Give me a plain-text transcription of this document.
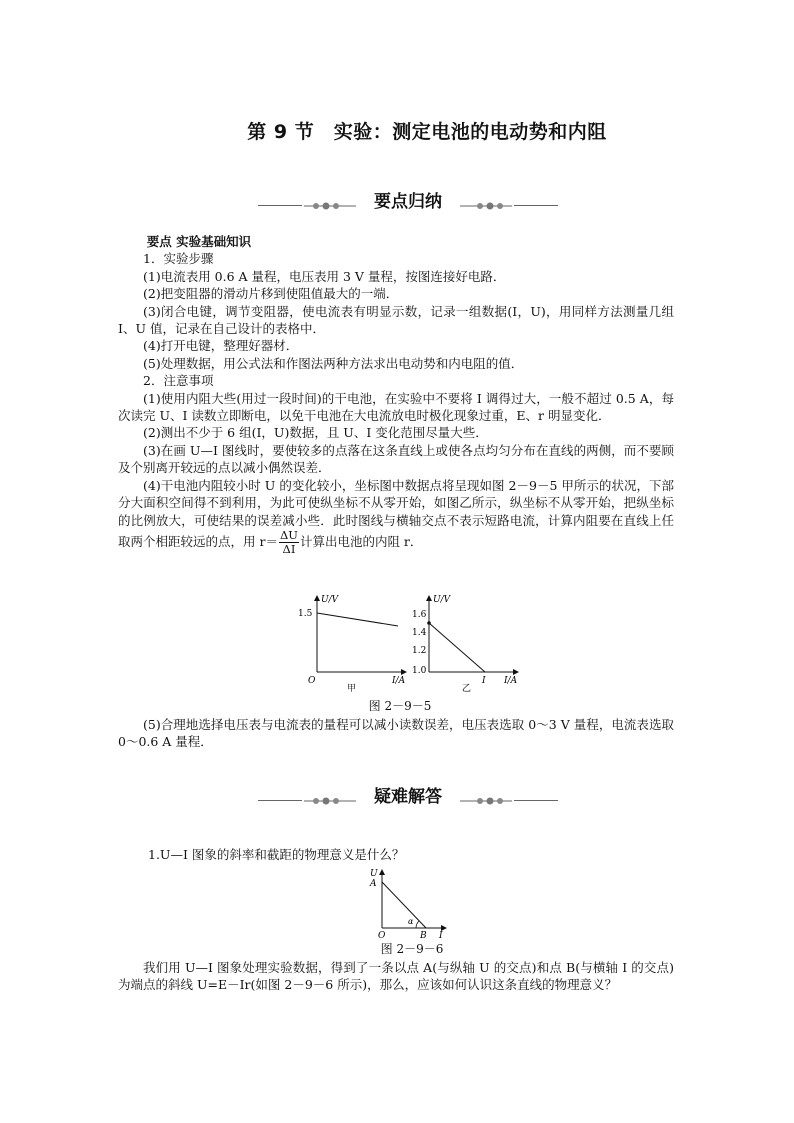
第 9 节　实验：测定电池的电动势和内阻
要点归纳

要点 实验基础知识

1．实验步骤

(1)电流表用 0.6 A 量程，电压表用 3 V 量程，按图连接好电路．

(2)把变阻器的滑动片移到使阻值最大的一端．

(3)闭合电键，调节变阻器，使电流表有明显示数，记录一组数据(I，U)，用同样方法测量几组 I、U 值，记录在自己设计的表格中．

(4)打开电键，整理好器材．

(5)处理数据，用公式法和作图法两种方法求出电动势和内电阻的值．

2．注意事项

(1)使用内阻大些(用过一段时间)的干电池，在实验中不要将 I 调得过大，一般不超过 0.5 A，每次读完 U、I 读数立即断电，以免干电池在大电流放电时极化现象过重，E、r 明显变化．

(2)测出不少于 6 组(I，U)数据，且 U、I 变化范围尽量大些．

(3)在画 U—I 图线时，要使较多的点落在这条直线上或使各点均匀分布在直线的两侧，而不要顾及个别离开较远的点以减小偶然误差．

(4)干电池内阻较小时 U 的变化较小，坐标图中数据点将呈现如图 2－9－5 甲所示的状况，下部分大面积空间得不到利用，为此可使纵坐标不从零开始，如图乙所示，纵坐标不从零开始，把纵坐标的比例放大，可使结果的误差减小些．此时图线与横轴交点不表示短路电流，计算内阻要在直线上任取两个相距较远的点，用 $r= \frac{\Delta U}{\Delta I}$ 计算出电池的内阻 r．

U/V
1.5
O	I/A
甲
U/V
1.6
1.4
1.2
1.0
I I/A
乙
图 2－9－5

(5)合理地选择电压表与电流表的量程可以减小读数误差，电压表选取 0～3 V 量程，电流表选取 0～0.6 A 量程．

疑难解答
1.U—I 图象的斜率和截距的物理意义是什么？
U
A
O	B I
α
图 2－9－6

我们用 U—I 图象处理实验数据，得到了一条以点 A(与纵轴 U 的交点)和点 B(与横轴 I 的交点)为端点的斜线 U=E－Ir(如图 2－9－6 所示)，那么，应该如何认识这条直线的物理意义？
